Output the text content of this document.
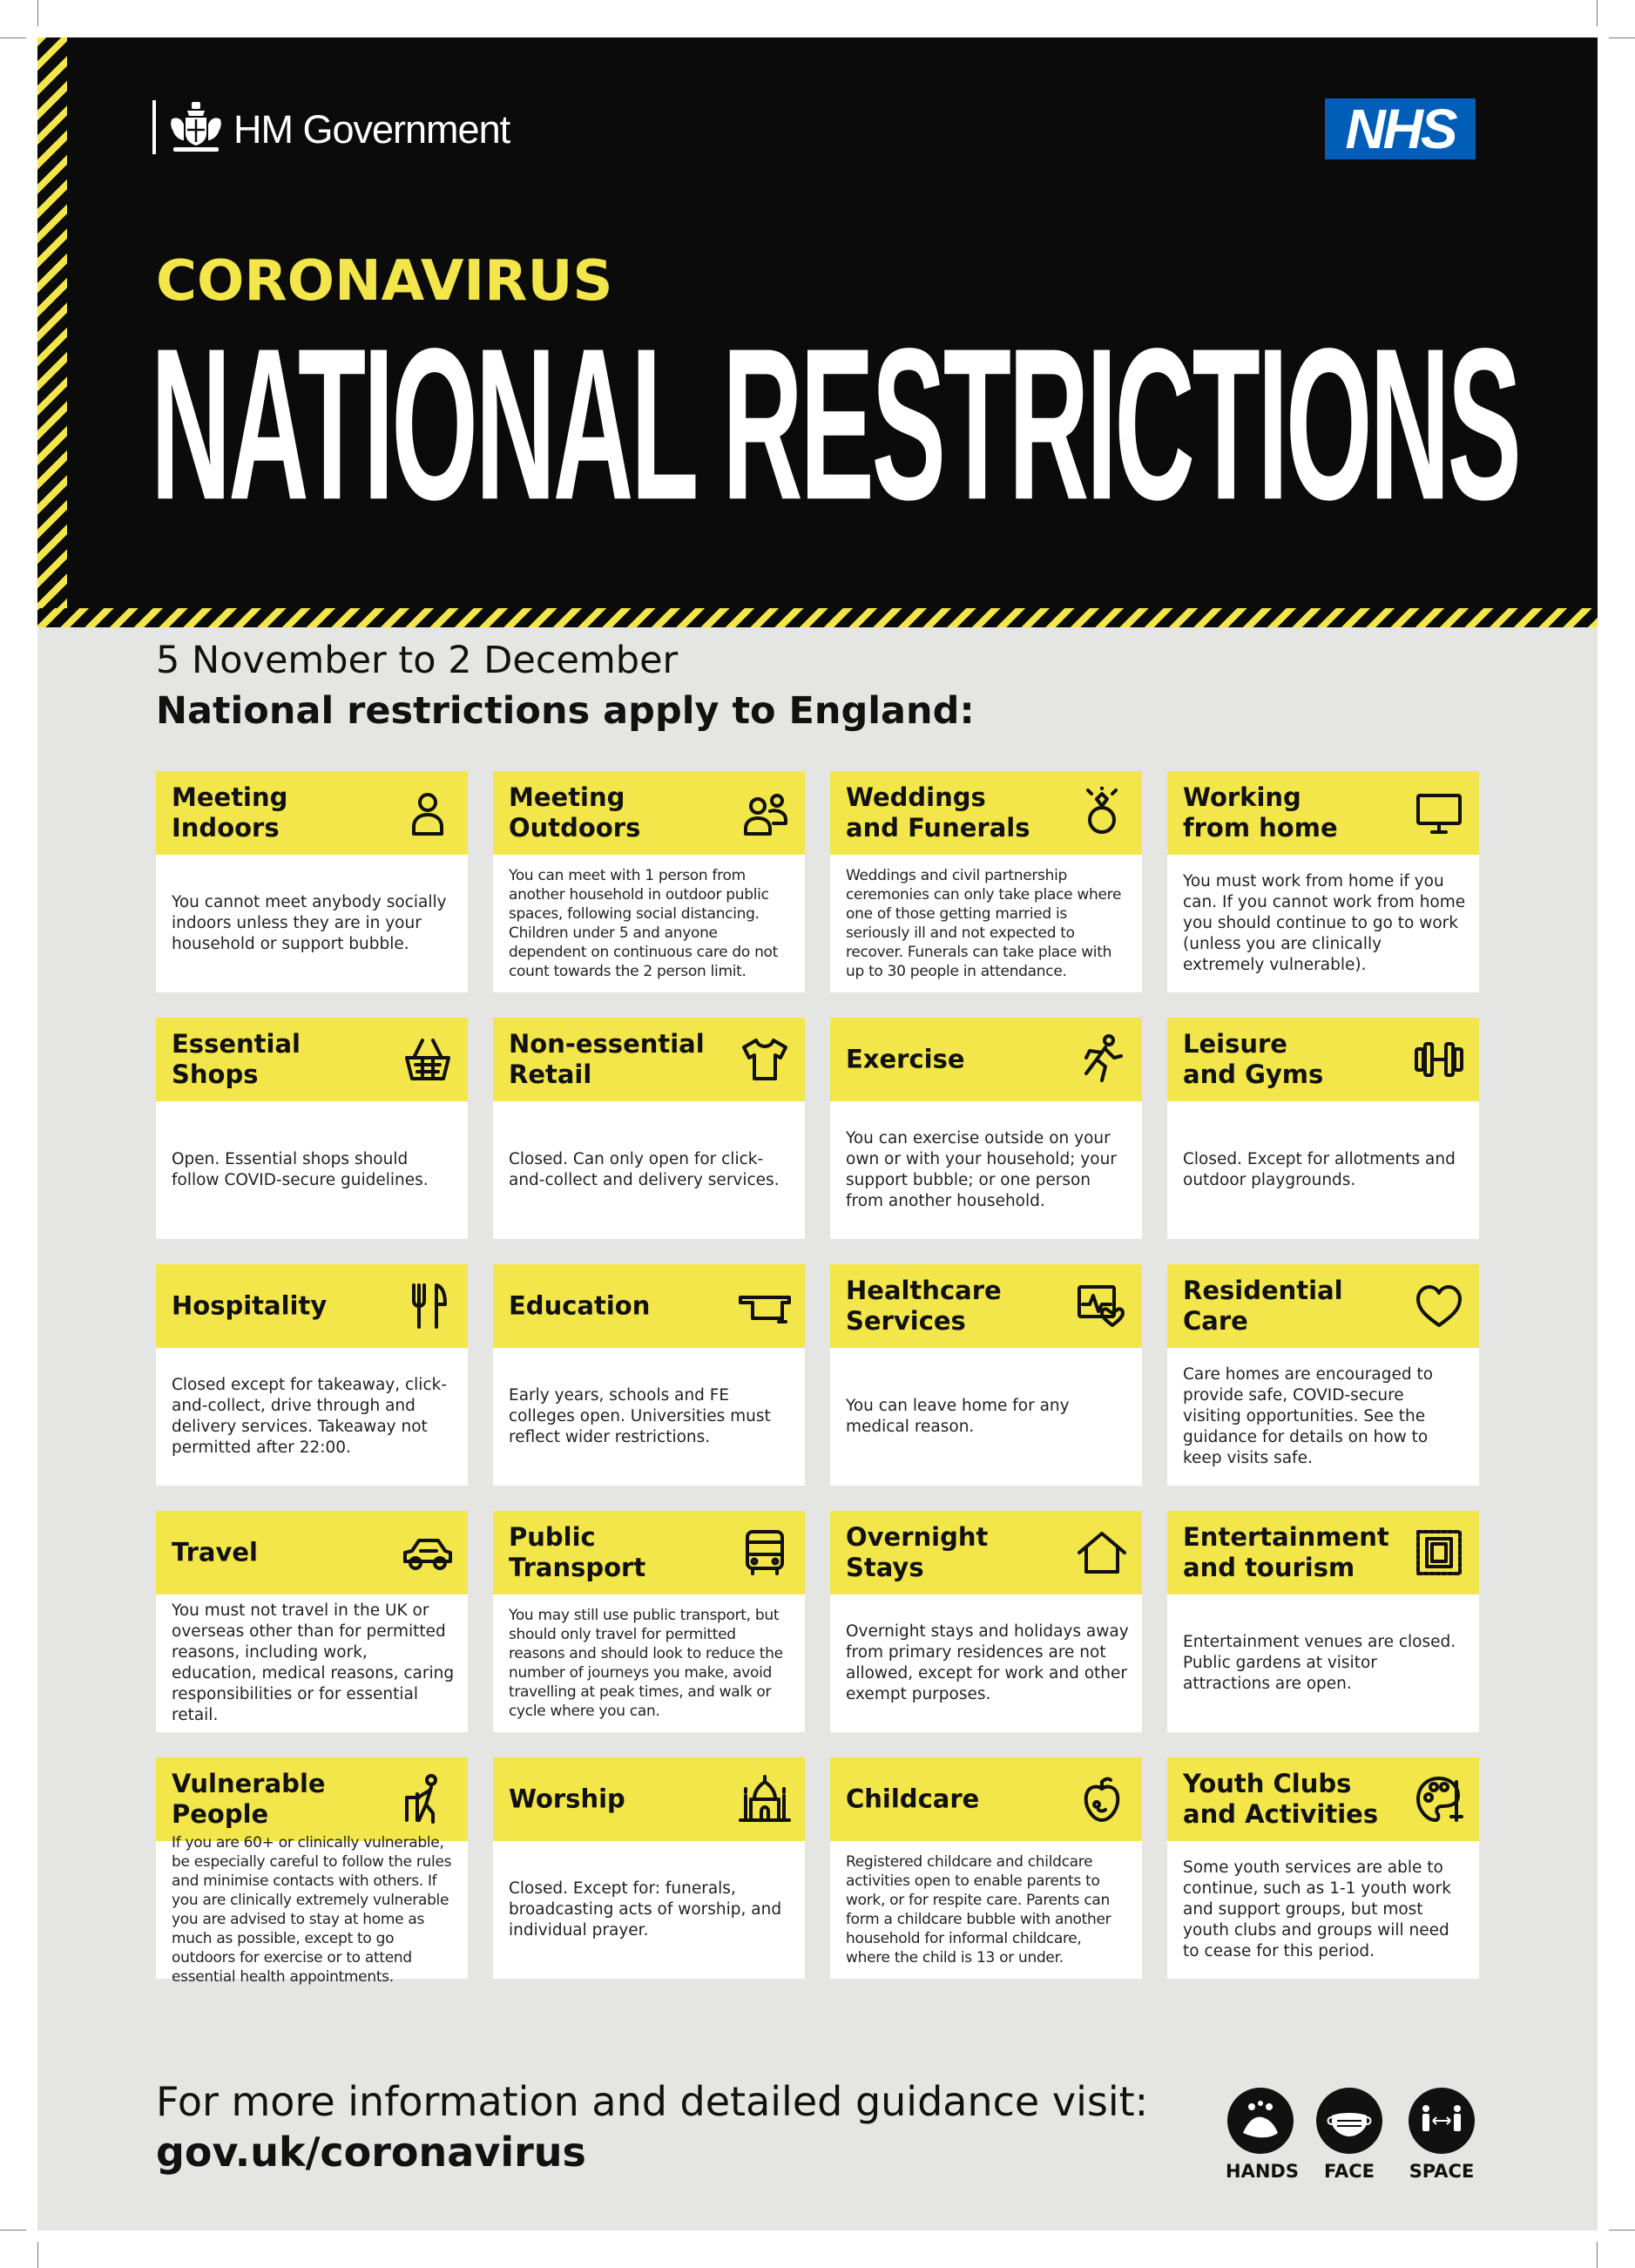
HM Government	NHS
CORONAVIRUS
NATIONAL RESTRICTIONS
5 November to 2 December
National restrictions apply to England:
Meeting
Indoors
You cannot meet anybody socially indoors unless they are in your household or support bubble.
Meeting
Outdoors
You can meet with 1 person from another household in outdoor public spaces, following social distancing. Children under 5 and anyone dependent on continuous care do not count towards the 2 person limit.
Weddings
and Funerals
Weddings and civil partnership ceremonies can only take place where one of those getting married is seriously ill and not expected to recover. Funerals can take place with up to 30 people in attendance.
Working
from home
You must work from home if you can. If you cannot work from home you should continue to go to work (unless you are clinically extremely vulnerable).
Essential
Shops
Open. Essential shops should follow COVID-secure guidelines.
Non-essential
Retail
Closed. Can only open for click-and-collect and delivery services.
Exercise
You can exercise outside on your own or with your household; your support bubble; or one person from another household.
Leisure
and Gyms
Closed. Except for allotments and outdoor playgrounds.
Hospitality
Closed except for takeaway, click-and-collect, drive through and delivery services. Takeaway not permitted after 22:00.
Education
Early years, schools and FE colleges open. Universities must reflect wider restrictions.
Healthcare
Services
You can leave home for any medical reason.
Residential
Care
Care homes are encouraged to provide safe, COVID-secure visiting opportunities. See the guidance for details on how to keep visits safe.
Travel
You must not travel in the UK or overseas other than for permitted reasons, including work, education, medical reasons, caring responsibilities or for essential retail.
Public
Transport
You may still use public transport, but should only travel for permitted reasons and should look to reduce the number of journeys you make, avoid travelling at peak times, and walk or cycle where you can.
Overnight
Stays
Overnight stays and holidays away from primary residences are not allowed, except for work and other exempt purposes.
Entertainment
and tourism
Entertainment venues are closed. Public gardens at visitor attractions are open.
Vulnerable
People
If you are 60+ or clinically vulnerable, be especially careful to follow the rules and minimise contacts with others. If you are clinically extremely vulnerable you are advised to stay at home as much as possible, except to go outdoors for exercise or to attend essential health appointments.
Worship
Closed. Except for: funerals, broadcasting acts of worship, and individual prayer.
Childcare
Registered childcare and childcare activities open to enable parents to work, or for respite care. Parents can form a childcare bubble with another household for informal childcare, where the child is 13 or under.
Youth Clubs
and Activities
Some youth services are able to continue, such as 1-1 youth work and support groups, but most youth clubs and groups will need to cease for this period.
For more information and detailed guidance visit:
gov.uk/coronavirus	HANDS	FACE	SPACE
